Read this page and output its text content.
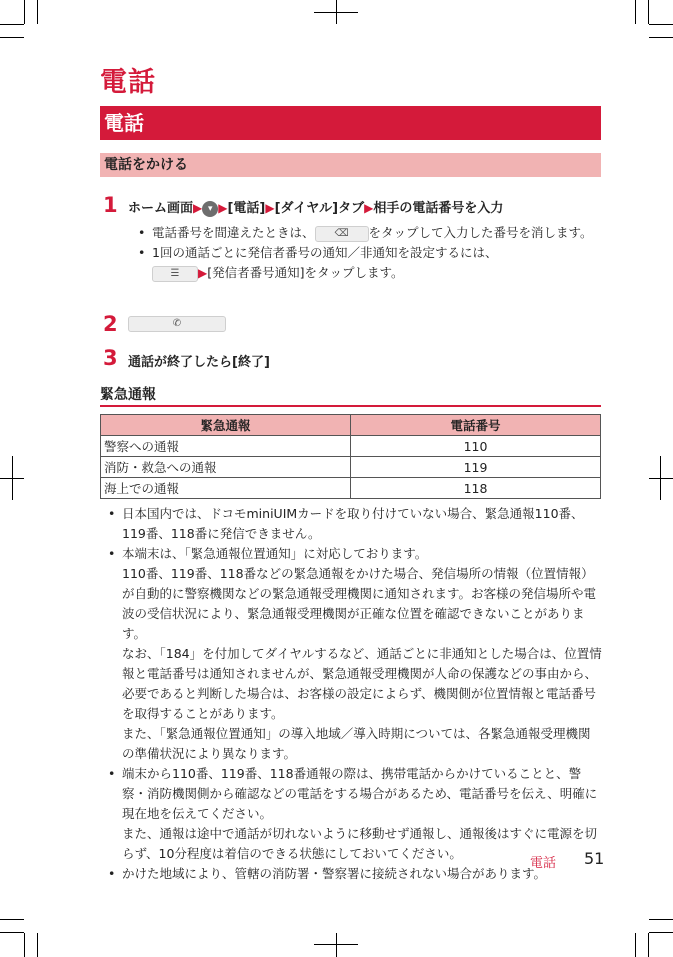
電話
電話
電話をかける
1 ホーム画面▶ ▾ ▶[電話]▶[ダイヤル]タブ▶相手の電話番号を入力
• 電話番号を間違えたときは、 ⌫ をタップして入力した番号を消します。
• 1回の通話ごとに発信者番号の通知／非通知を設定するには、
☰ ▶[発信者番号通知]をタップします。
2	✆
3 通話が終了したら[終了]
緊急通報
緊急通報	電話番号
警察への通報	110
消防・救急への通報	119
海上での通報	118
• 日本国内では、ドコモminiUIMカードを取り付けていない場合、緊急通報110番、119番、118番に発信できません。
• 本端末は、「緊急通報位置通知」に対応しております。
110番、119番、118番などの緊急通報をかけた場合、発信場所の情報（位置情報）が自動的に警察機関などの緊急通報受理機関に通知されます。お客様の発信場所や電波の受信状況により、緊急通報受理機関が正確な位置を確認できないことがあります。
なお、「184」を付加してダイヤルするなど、通話ごとに非通知とした場合は、位置情報と電話番号は通知されませんが、緊急通報受理機関が人命の保護などの事由から、必要であると判断した場合は、お客様の設定によらず、機関側が位置情報と電話番号を取得することがあります。
また、「緊急通報位置通知」の導入地域／導入時期については、各緊急通報受理機関の準備状況により異なります。
• 端末から110番、119番、118番通報の際は、携帯電話からかけていることと、警察・消防機関側から確認などの電話をする場合があるため、電話番号を伝え、明確に現在地を伝えてください。
また、通報は途中で通話が切れないように移動せず通報し、通報後はすぐに電源を切らず、10分程度は着信のできる状態にしておいてください。
• かけた地域により、管轄の消防署・警察署に接続されない場合があります。
電話 51
